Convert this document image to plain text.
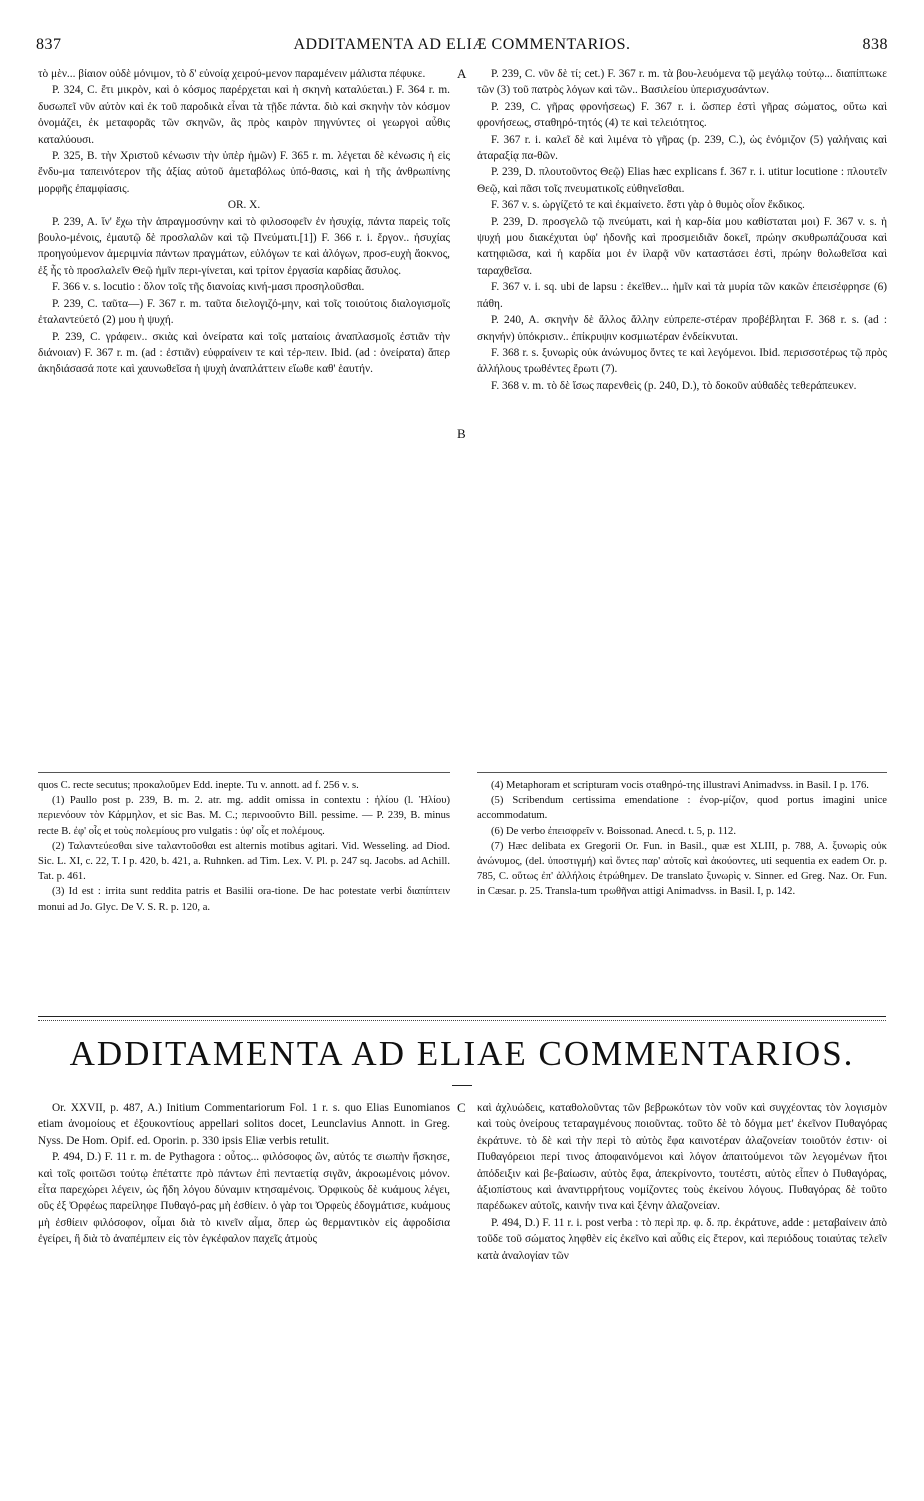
837	ADDITAMENTA AD ELIÆ COMMENTARIOS.	838
A
B
C

τὸ μὲν... βίαιον οὐδὲ μόνιμον, τὸ δ' εὐνοίᾳ χειρού-μενον παραμένειν μάλιστα πέφυκε.

P. 324, C. ἔτι μικρὸν, καὶ ὁ κόσμος παρέρχεται καὶ ἡ σκηνὴ καταλύεται.) F. 364 r. m. δυσωπεῖ νῦν αὐτὸν καὶ ἐκ τοῦ παροδικὰ εἶναι τὰ τῇδε πάντα. διὸ καὶ σκηνὴν τὸν κόσμον ὀνομάζει, ἐκ μεταφορᾶς τῶν σκηνῶν, ἃς πρὸς καιρὸν πηγνύντες οἱ γεωργοὶ αὖθις καταλύουσι.

P. 325, B. τὴν Χριστοῦ κένωσιν τὴν ὑπὲρ ἡμῶν) F. 365 r. m. λέγεται δὲ κένωσις ἡ εἰς ἔνδυ-μα ταπεινότερον τῆς ἀξίας αὐτοῦ ἀμεταβόλως ὑπό-θασις, καὶ ἡ τῆς ἀνθρωπίνης μορφῆς ἐπαμφίασις.

OR. X.

P. 239, A. ἵν' ἔχω τὴν ἀπραγμοσύνην καὶ τὸ φιλοσοφεῖν ἐν ἡσυχίᾳ, πάντα παρεὶς τοῖς βουλο-μένοις, ἐμαυτῷ δὲ προσλαλῶν καὶ τῷ Πνεύματι.[1]) F. 366 r. i. ἔργον.. ἡσυχίας προηγούμενον ἀμεριμνία πάντων πραγμάτων, εὐλόγων τε καὶ ἀλόγων, προσ-ευχὴ ἄοκνος, ἐξ ἧς τὸ προσλαλεῖν Θεῷ ἡμῖν περι-γίνεται, καὶ τρίτον ἐργασία καρδίας ἄσυλος.

F. 366 v. s. locutio : ὅλον τοῖς τῆς διανοίας κινή-μασι προσηλοῦσθαι.

P. 239, C. ταῦτα—) F. 367 r. m. ταῦτα διελογιζό-μην, καὶ τοῖς τοιούτοις διαλογισμοῖς ἐταλαντεύετό (2) μου ἡ ψυχή.

P. 239, C. γράφειν.. σκιὰς καὶ ὀνείρατα καὶ τοῖς ματαίοις ἀναπλασμοῖς ἐστιᾶν τὴν διάνοιαν) F. 367 r. m. (ad : ἐστιᾶν) εὐφραίνειν τε καὶ τέρ-πειν. Ibid. (ad : ὀνείρατα) ἅπερ ἀκηδιάσασά ποτε καὶ χαυνωθεῖσα ἡ ψυχὴ ἀναπλάττειν εἴωθε καθ' ἑαυτήν.

P. 239, C. νῦν δὲ τί; cet.) F. 367 r. m. τὰ βου-λευόμενα τῷ μεγάλῳ τούτῳ... διαπίπτωκε τῶν (3) τοῦ πατρὸς λόγων καὶ τῶν.. Βασιλείου ὑπερισχυσάντων.

P. 239, C. γῆρας φρονήσεως) F. 367 r. i. ὥσπερ ἐστὶ γῆρας σώματος, οὕτω καὶ φρονήσεως, σταθηρό-τητός (4) τε καὶ τελειότητος.

F. 367 r. i. καλεῖ δὲ καὶ λιμένα τὸ γῆρας (p. 239, C.), ὡς ἐνόμιζον (5) γαλήναις καὶ ἀταραξίᾳ πα-θῶν.

P. 239, D. πλουτοῦντος Θεῷ) Elias hæc explicans f. 367 r. i. utitur locutione : πλουτεῖν Θεῷ, καὶ πᾶσι τοῖς πνευματικοῖς εὐθηνεῖσθαι.

F. 367 v. s. ὠργίζετό τε καὶ ἐκμαίνετο. ἔστι γὰρ ὁ θυμὸς οἷον ἔκδικος.

P. 239, D. προσγελῶ τῷ πνεύματι, καὶ ἡ καρ-δία μου καθίσταται μοι) F. 367 v. s. ἡ ψυχή μου διακέχυται ὑφ' ἡδονῆς καὶ προσμειδιᾶν δοκεῖ, πρώην σκυθρωπάζουσα καὶ κατηφιῶσα, καὶ ἡ καρδία μοι ἐν ἱλαρᾷ νῦν καταστάσει ἐστὶ, πρώην θολωθεῖσα καὶ ταραχθεῖσα.

F. 367 v. i. sq. ubi de lapsu : ἐκεῖθεν... ἡμῖν καὶ τὰ μυρία τῶν κακῶν ἐπεισέφρησε (6) πάθη.

P. 240, A. σκηνὴν δὲ ἄλλος ἄλλην εὐπρεπε-στέραν προβέβληται F. 368 r. s. (ad : σκηνήν) ὑπόκρισιν.. ἐπίκρυψιν κοσμιωτέραν ἐνδείκνυται.

F. 368 r. s. ξυνωρὶς οὐκ ἀνώνυμος ὄντες τε καὶ λεγόμενοι. Ibid. περισσοτέρως τῷ πρὸς ἀλλήλους τρωθέντες ἔρωτι (7).

F. 368 v. m. τὸ δὲ ἴσως παρενθεὶς (p. 240, D.), τὸ δοκοῦν αὐθαδὲς τεθεράπευκεν.

quos C. recte secutus; προκαλοῦμεν Edd. inepte. Tu v. annott. ad f. 256 v. s.

(1) Paullo post p. 239, B. m. 2. atr. mg. addit omissa in contextu : ἡλίου (l. Ἡλίου) περιενόουν τὸν Κάρμηλον, et sic Bas. M. C.; περινοοῦντο Bill. pessime. — P. 239, B. minus recte B. ἐφ' οἷς et τοὺς πολεμίους pro vulgatis : ὑφ' οἷς et πολέμους.

(2) Ταλαντεύεσθαι sive ταλαντοῦσθαι est alternis motibus agitari. Vid. Wesseling. ad Diod. Sic. L. XI, c. 22, T. I p. 420, b. 421, a. Ruhnken. ad Tim. Lex. V. Pl. p. 247 sq. Jacobs. ad Achill. Tat. p. 461.

(3) Id est : irrita sunt reddita patris et Basilii ora-tione. De hac potestate verbi διαπίπτειν monui ad Jo. Glyc. De V. S. R. p. 120, a.

(4) Metaphoram et scripturam vocis σταθηρό-της illustravi Animadvss. in Basil. I p. 176.

(5) Scribendum certissima emendatione : ἐνορ-μίζον, quod portus imagini unice accommodatum.

(6) De verbo ἐπεισφρεῖν v. Boissonad. Anecd. t. 5, p. 112.

(7) Hæc delibata ex Gregorii Or. Fun. in Basil., quæ est XLIII, p. 788, A. ξυνωρὶς οὐκ ἀνώνυμος, (del. ὑποστιγμή) καὶ ὄντες παρ' αὐτοῖς καὶ ἀκούοντες, uti sequentia ex eadem Or. p. 785, C. οὕτως ἐπ' ἀλλήλοις ἐτρώθημεν. De translato ξυνωρὶς v. Sinner. ed Greg. Naz. Or. Fun. in Cæsar. p. 25. Transla-tum τρωθῆναι attigi Animadvss. in Basil. I, p. 142.

ADDITAMENTA AD ELIAE COMMENTARIOS.

Or. XXVII, p. 487, A.) Initium Commentariorum Fol. 1 r. s. quo Elias Eunomianos etiam ἀνομοίους et ἐξουκοντίους appellari solitos docet, Leunclavius Annott. in Greg. Nyss. De Hom. Opif. ed. Oporin. p. 330 ipsis Eliæ verbis retulit.

P. 494, D.) F. 11 r. m. de Pythagora : οὗτος... φιλόσοφος ὢν, αὐτός τε σιωπὴν ἤσκησε, καὶ τοῖς φοιτῶσι τούτῳ ἐπέταττε πρὸ πάντων ἐπὶ πενταετίᾳ σιγᾶν, ἀκροωμένοις μόνον. εἶτα παρεχώρει λέγειν, ὡς ἤδη λόγου δύναμιν κτησαμένοις. Ὀρφικοὺς δὲ κυάμους λέγει, οὓς ἐξ Ὀρφέως παρείληφε Πυθαγό-ρας μὴ ἐσθίειν. ὁ γὰρ τοι Ὀρφεὺς ἐδογμάτισε, κυάμους μὴ ἐσθίειν φιλόσοφον, οἶμαι διὰ τὸ κινεῖν αἷμα, ὅπερ ὡς θερμαντικὸν εἰς ἀφροδίσια ἐγείρει, ἢ διὰ τὸ ἀναπέμπειν εἰς τὸν ἐγκέφαλον παχεῖς ἀτμοὺς

καὶ ἀχλυώδεις, καταθολοῦντας τῶν βεβρωκότων τὸν νοῦν καὶ συγχέοντας τὸν λογισμὸν καὶ τοὺς ὀνείρους τεταραγμένους ποιοῦντας. τοῦτο δὲ τὸ δόγμα μετ' ἐκεῖνον Πυθαγόρας ἐκράτυνε. τὸ δὲ καὶ τὴν περὶ τὸ αὐτὸς ἔφα καινοτέραν ἀλαζονείαν τοιοῦτόν ἐστιν· οἱ Πυθαγόρειοι περί τινος ἀποφαινόμενοι καὶ λόγον ἀπαιτούμενοι τῶν λεγομένων ἤτοι ἀπόδειξιν καὶ βε-βαίωσιν, αὐτὸς ἔφα, ἀπεκρίνοντο, τουτέστι, αὐτὸς εἶπεν ὁ Πυθαγόρας, ἀξιοπίστους καὶ ἀναντιρρήτους νομίζοντες τοὺς ἐκείνου λόγους. Πυθαγόρας δὲ τοῦτο παρέδωκεν αὐτοῖς, καινήν τινα καὶ ξένην ἀλαζονείαν.

P. 494, D.) F. 11 r. i. post verba : τὸ περὶ πρ. φ. δ. πρ. ἐκράτυνε, adde : μεταβαίνειν ἀπὸ τοῦδε τοῦ σώματος ληφθὲν εἰς ἐκεῖνο καὶ αὖθις εἰς ἕτερον, καὶ περιόδους τοιαύτας τελεῖν κατὰ ἀναλογίαν τῶν
